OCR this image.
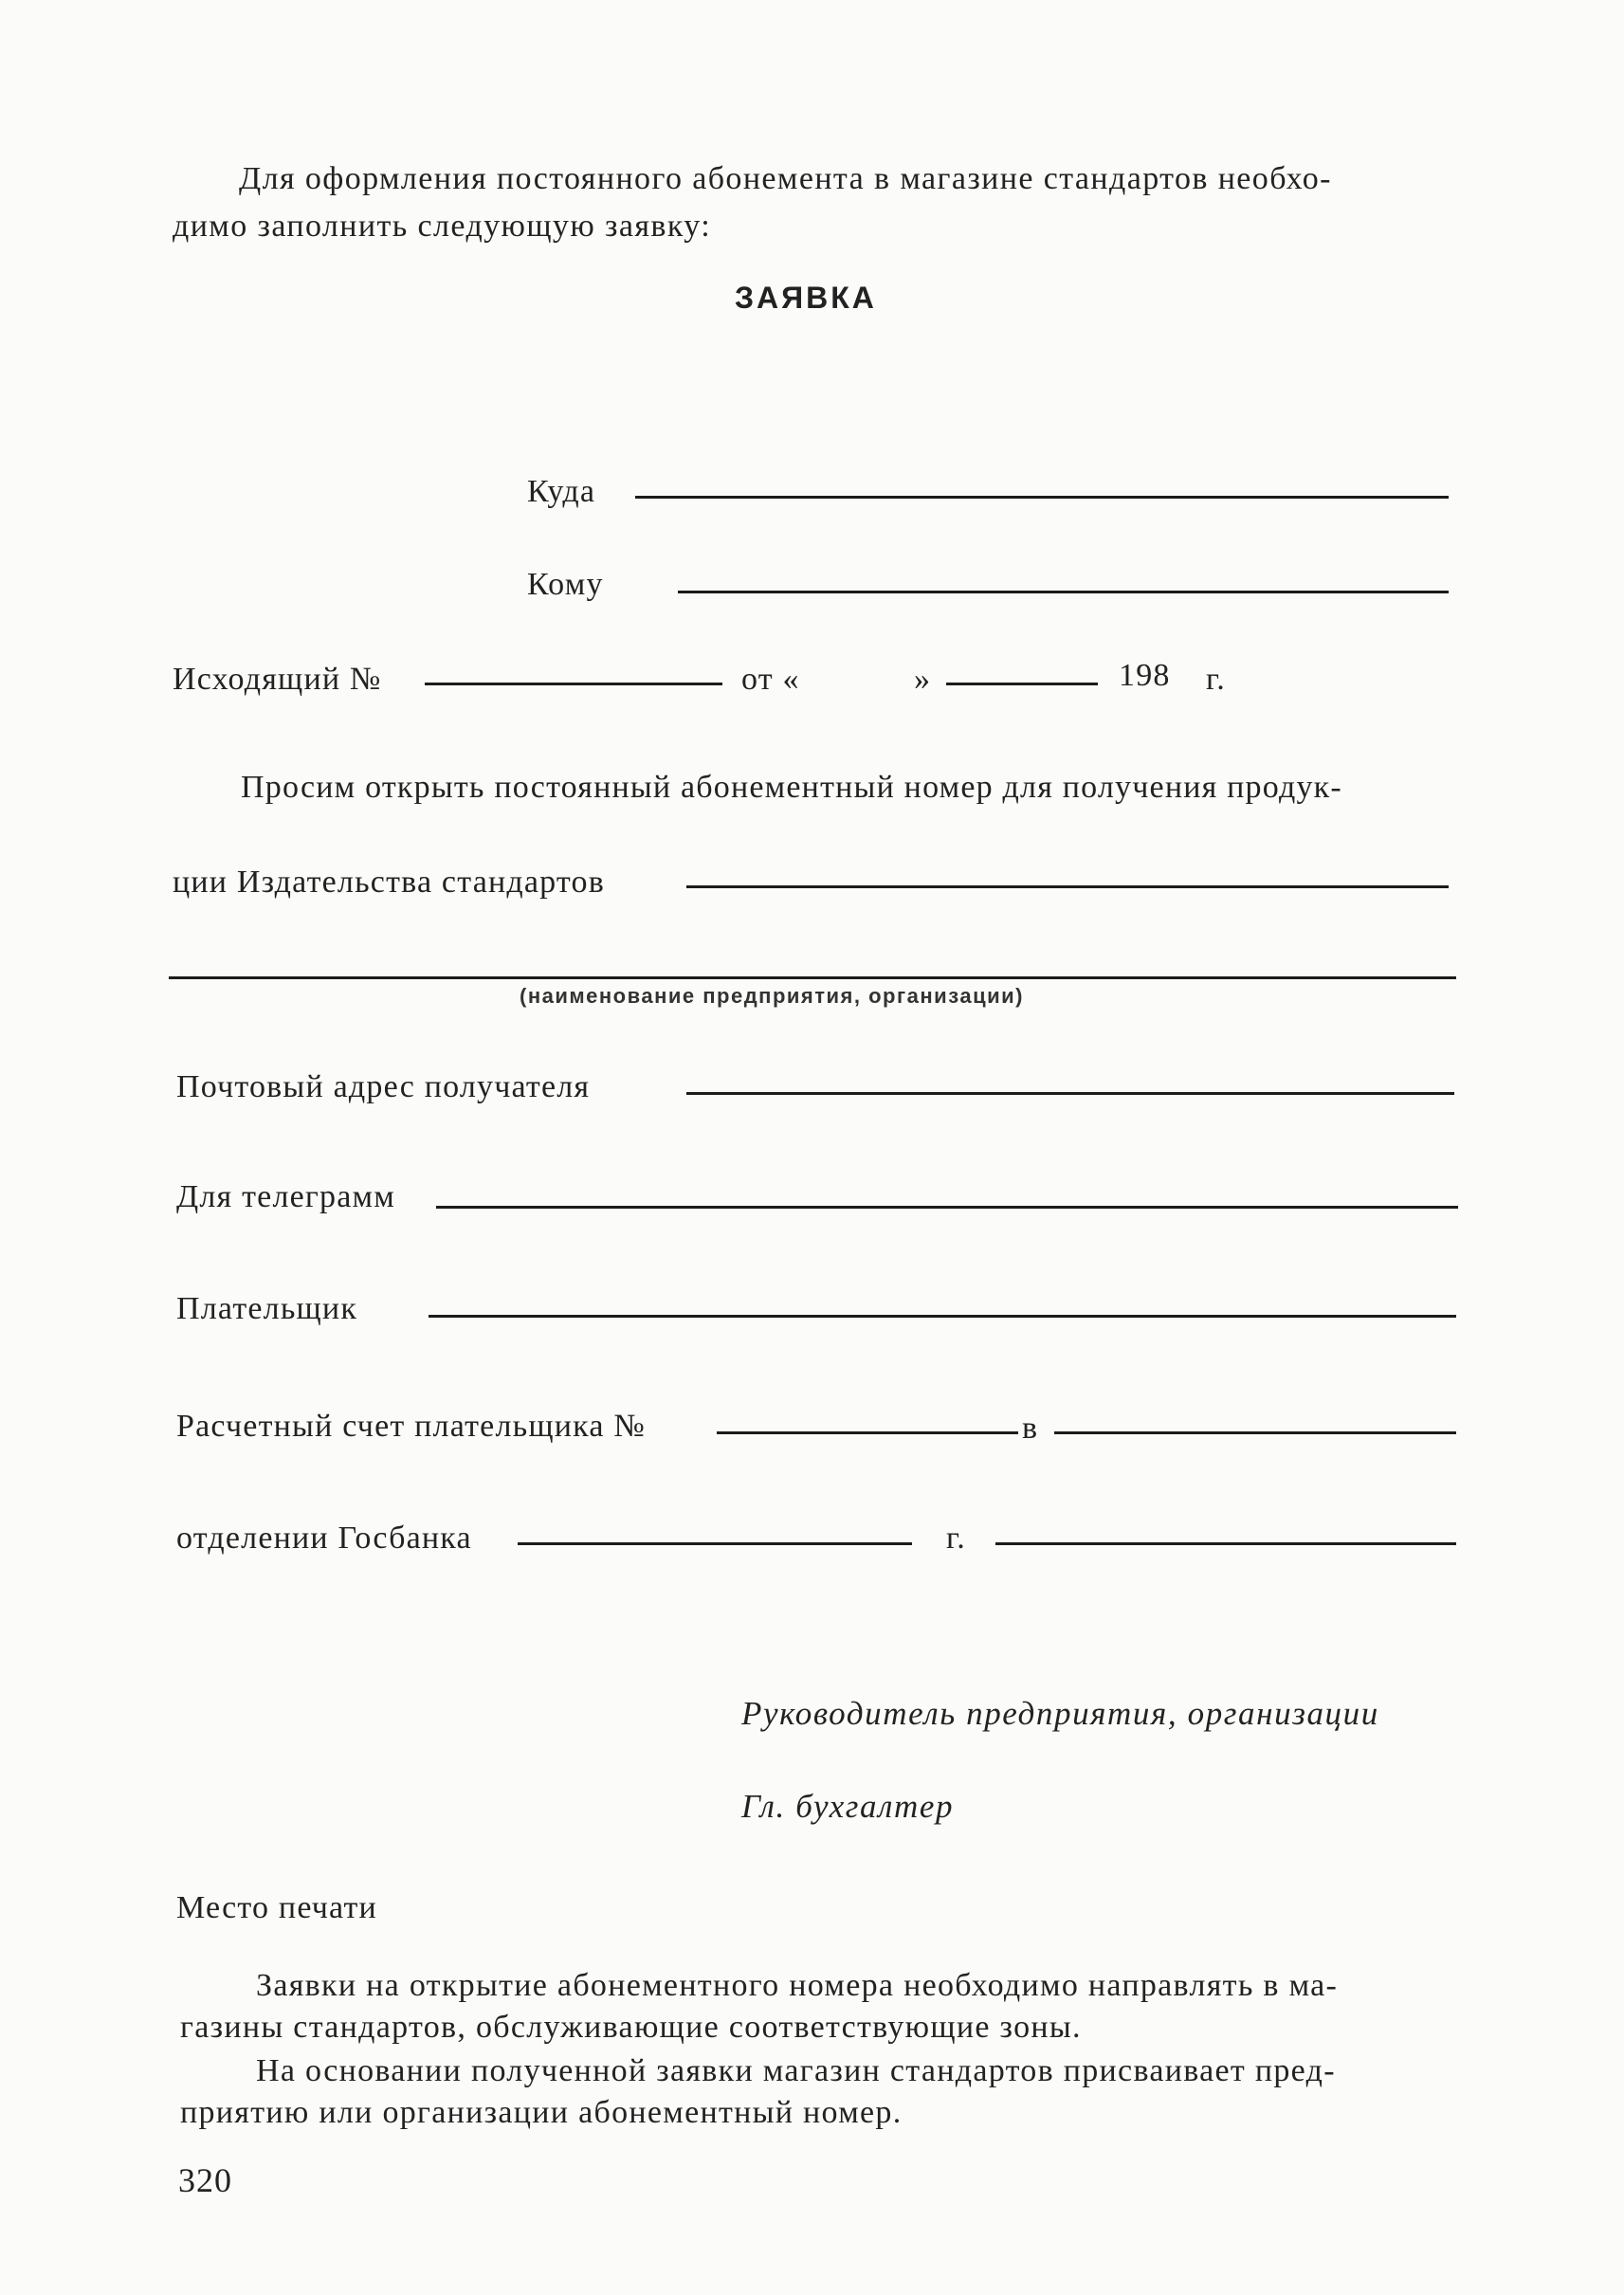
Для оформления постоянного абонемента в магазине стандартов необхо-
димо заполнить следующую заявку:
ЗАЯВКА
Куда
Кому
Исходящий №	от «	»	198 г.
Просим открыть постоянный абонементный номер для получения продук-
ции Издательства стандартов
(наименование предприятия, организации)
Почтовый адрес получателя
Для телеграмм
Плательщик
Расчетный счет плательщика №	в
отделении Госбанка	г.
Руководитель предприятия, организации
Гл. бухгалтер
Место печати
Заявки на открытие абонементного номера необходимо направлять в ма-
газины стандартов, обслуживающие соответствующие зоны.
На основании полученной заявки магазин стандартов присваивает пред-
приятию или организации абонементный номер.
320
